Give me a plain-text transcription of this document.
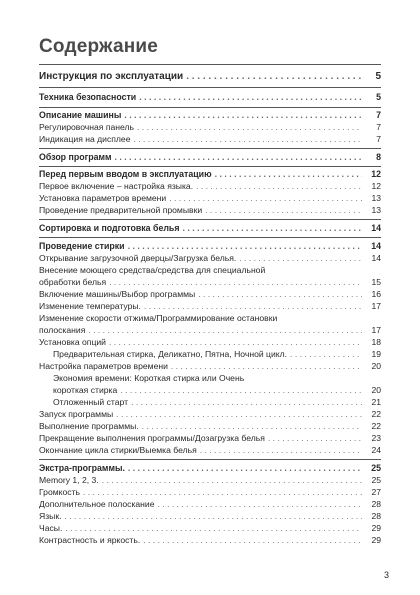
Содержание
Инструкция по эксплуатации . . .	5
Техника безопасности . . .	5
Описание машины . . .	7
Регулировочная панель . . .	7
Индикация на дисплее . . .	7
Обзор программ . . .	8
Перед первым вводом в эксплуатацию . . .	12
Первое включение – настройка языка. . . .	12
Установка параметров времени . . .	13
Проведение предварительной промывки . . .	13
Сортировка и подготовка белья . . .	14
Проведение стирки . . .	14
Открывание загрузочной дверцы/Загрузка белья. . . .	14
Внесение моющего средства/средства для специальной
обработки белья . . .	15
Включение машины/Выбор программы . . .	16
Изменение температуры. . . .	17
Изменение скорости отжима/Программирование остановки
полоскания . . .	17
Установка опций . . .	18
Предварительная стирка, Деликатно, Пятна, Ночной цикл. . . .	19
Настройка параметров времени . . .	20
Экономия времени: Короткая стирка или Очень
короткая стирка . . .	20
Отложенный старт . . .	21
Запуск программы . . .	22
Выполнение программы. . . .	22
Прекращение выполнения программы/Дозагрузка белья . . .	23
Окончание цикла стирки/Выемка белья . . .	24
Экстра-программы. . . .	25
Memory 1, 2, 3. . . .	25
Громкость . . .	27
Дополнительное полоскание . . .	28
Язык. . . .	28
Часы. . . .	29
Контрастность и яркость. . . .	29
3
